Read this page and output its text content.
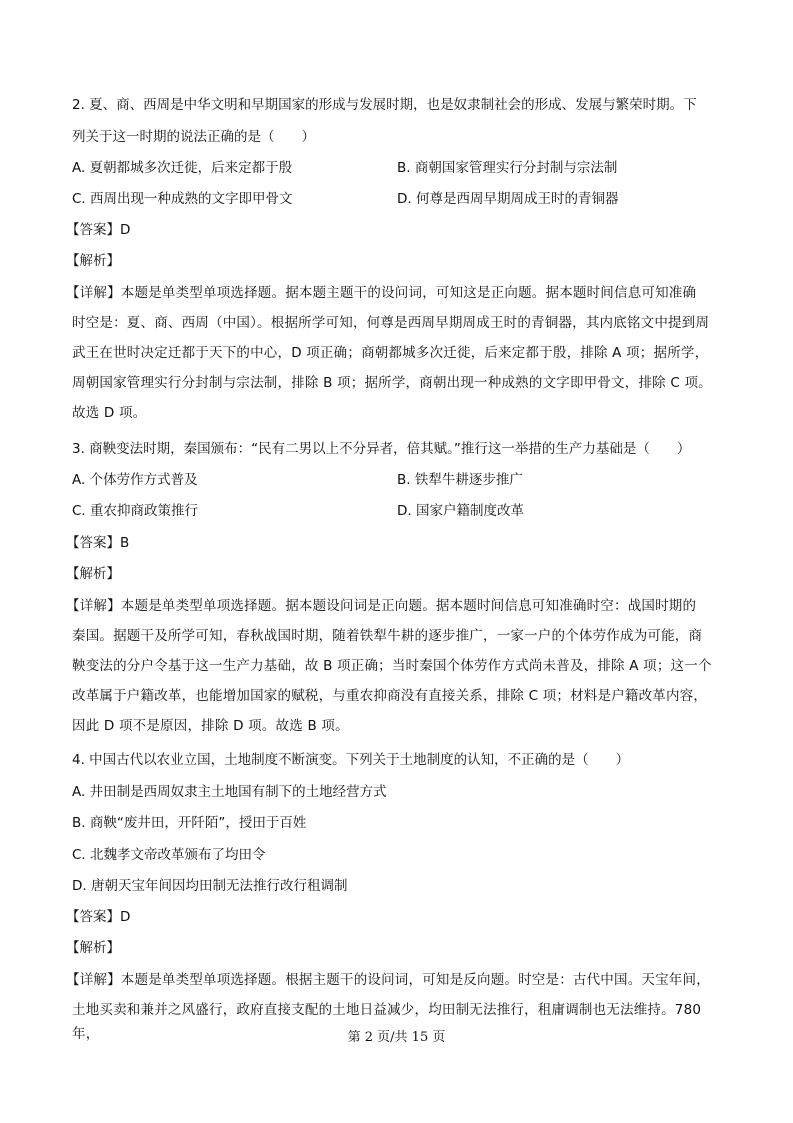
2. 夏、商、西周是中华文明和早期国家的形成与发展时期，也是奴隶制社会的形成、发展与繁荣时期。下
列关于这一时期的说法正确的是（　　）
A. 夏朝都城多次迁徙，后来定都于殷	B. 商朝国家管理实行分封制与宗法制
C. 西周出现一种成熟的文字即甲骨文	D. 何尊是西周早期周成王时的青铜器
【答案】D
【解析】
【详解】本题是单类型单项选择题。据本题主题干的设问词，可知这是正向题。据本题时间信息可知准确
时空是：夏、商、西周（中国）。根据所学可知，何尊是西周早期周成王时的青铜器，其内底铭文中提到周
武王在世时决定迁都于天下的中心，D 项正确；商朝都城多次迁徙，后来定都于殷，排除 A 项；据所学，
周朝国家管理实行分封制与宗法制，排除 B 项；据所学，商朝出现一种成熟的文字即甲骨文，排除 C 项。
故选 D 项。
3. 商鞅变法时期，秦国颁布：“民有二男以上不分异者，倍其赋。”推行这一举措的生产力基础是（　　）
A. 个体劳作方式普及	B. 铁犁牛耕逐步推广
C. 重农抑商政策推行	D. 国家户籍制度改革
【答案】B
【解析】
【详解】本题是单类型单项选择题。据本题设问词是正向题。据本题时间信息可知准确时空：战国时期的
秦国。据题干及所学可知，春秋战国时期，随着铁犁牛耕的逐步推广，一家一户的个体劳作成为可能，商
鞅变法的分户令基于这一生产力基础，故 B 项正确；当时秦国个体劳作方式尚未普及，排除 A 项；这一个
改革属于户籍改革，也能增加国家的赋税，与重农抑商没有直接关系，排除 C 项；材料是户籍改革内容，
因此 D 项不是原因，排除 D 项。故选 B 项。
4. 中国古代以农业立国，土地制度不断演变。下列关于土地制度的认知，不正确的是（　　）
A. 井田制是西周奴隶主土地国有制下的土地经营方式
B. 商鞅“废井田，开阡陌”，授田于百姓
C. 北魏孝文帝改革颁布了均田令
D. 唐朝天宝年间因均田制无法推行改行租调制
【答案】D
【解析】
【详解】本题是单类型单项选择题。根据主题干的设问词，可知是反向题。时空是：古代中国。天宝年间，
土地买卖和兼并之风盛行，政府直接支配的土地日益减少，均田制无法推行，租庸调制也无法维持。780 年，	第 2 页/共 15 页
